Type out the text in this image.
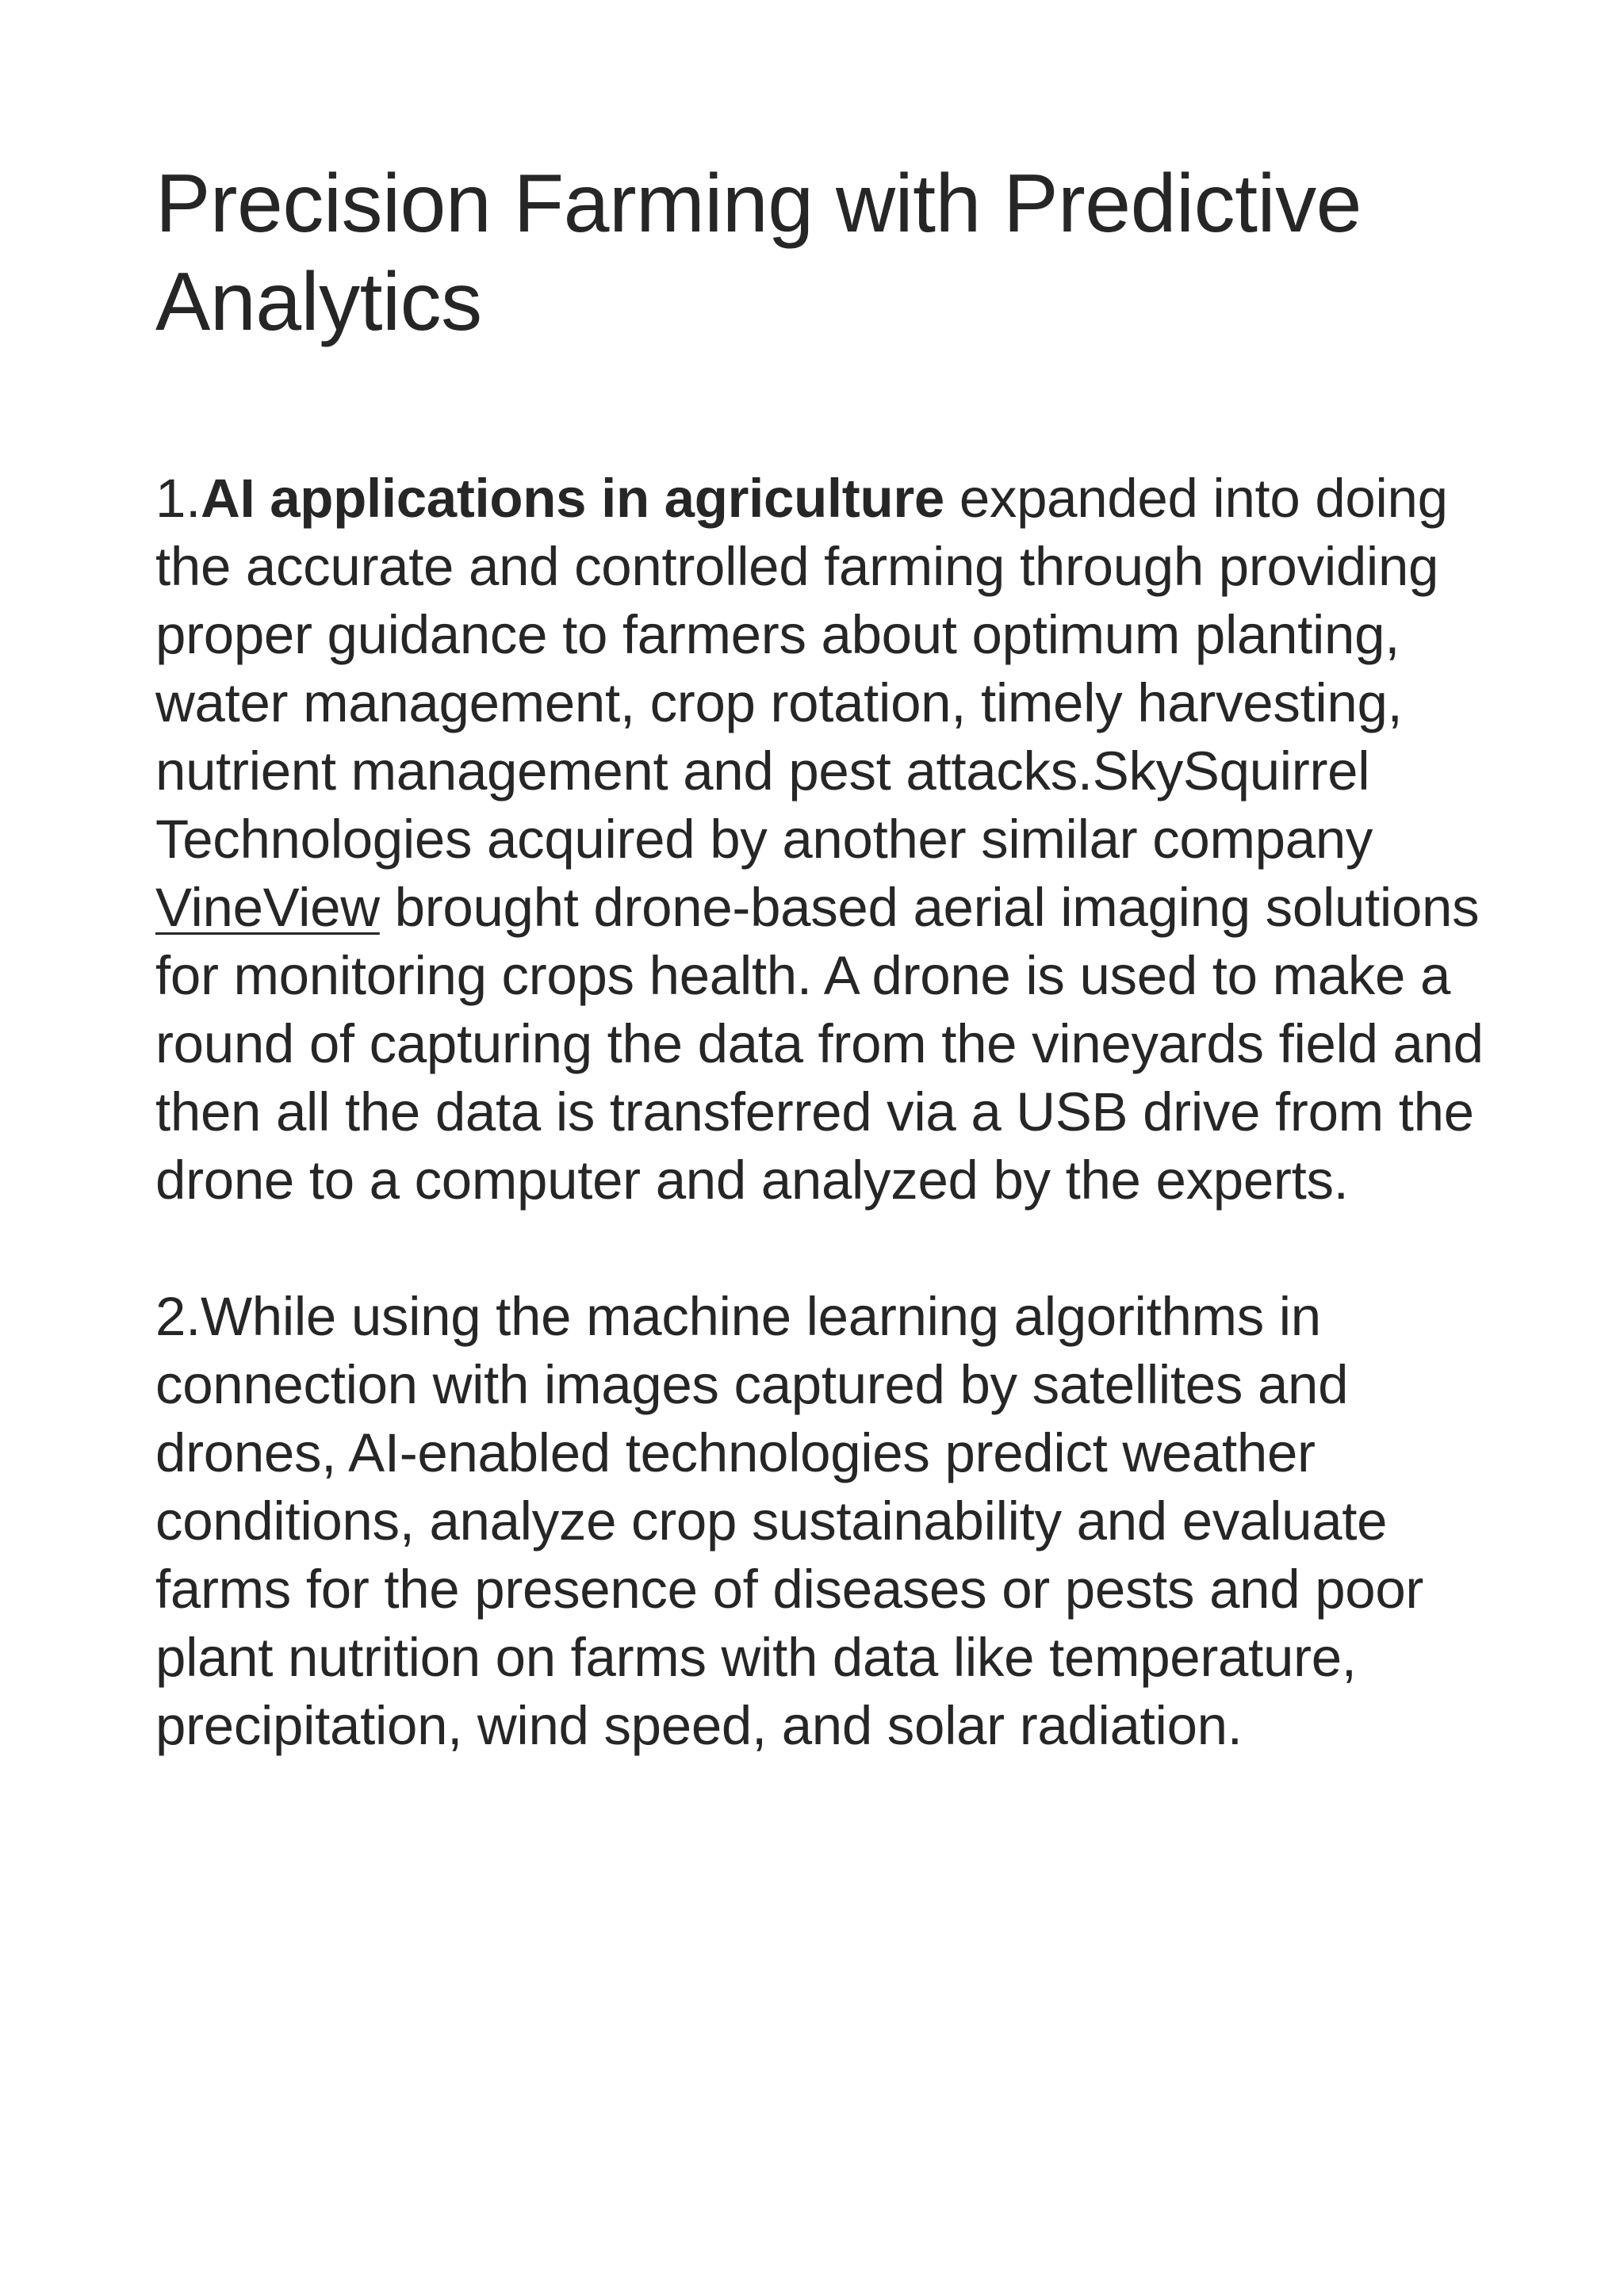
Precision Farming with Predictive Analytics

1.AI applications in agriculture expanded into doing the accurate and controlled farming through providing proper guidance to farmers about optimum planting, water management, crop rotation, timely harvesting, nutrient management and pest attacks.SkySquirrel Technologies acquired by another similar company VineView brought drone-based aerial imaging solutions for monitoring crops health. A drone is used to make a round of capturing the data from the vineyards field and then all the data is transferred via a USB drive from the drone to a computer and analyzed by the experts.

2.While using the machine learning algorithms in connection with images captured by satellites and drones, AI-enabled technologies predict weather conditions, analyze crop sustainability and evaluate farms for the presence of diseases or pests and poor plant nutrition on farms with data like temperature, precipitation, wind speed, and solar radiation.
